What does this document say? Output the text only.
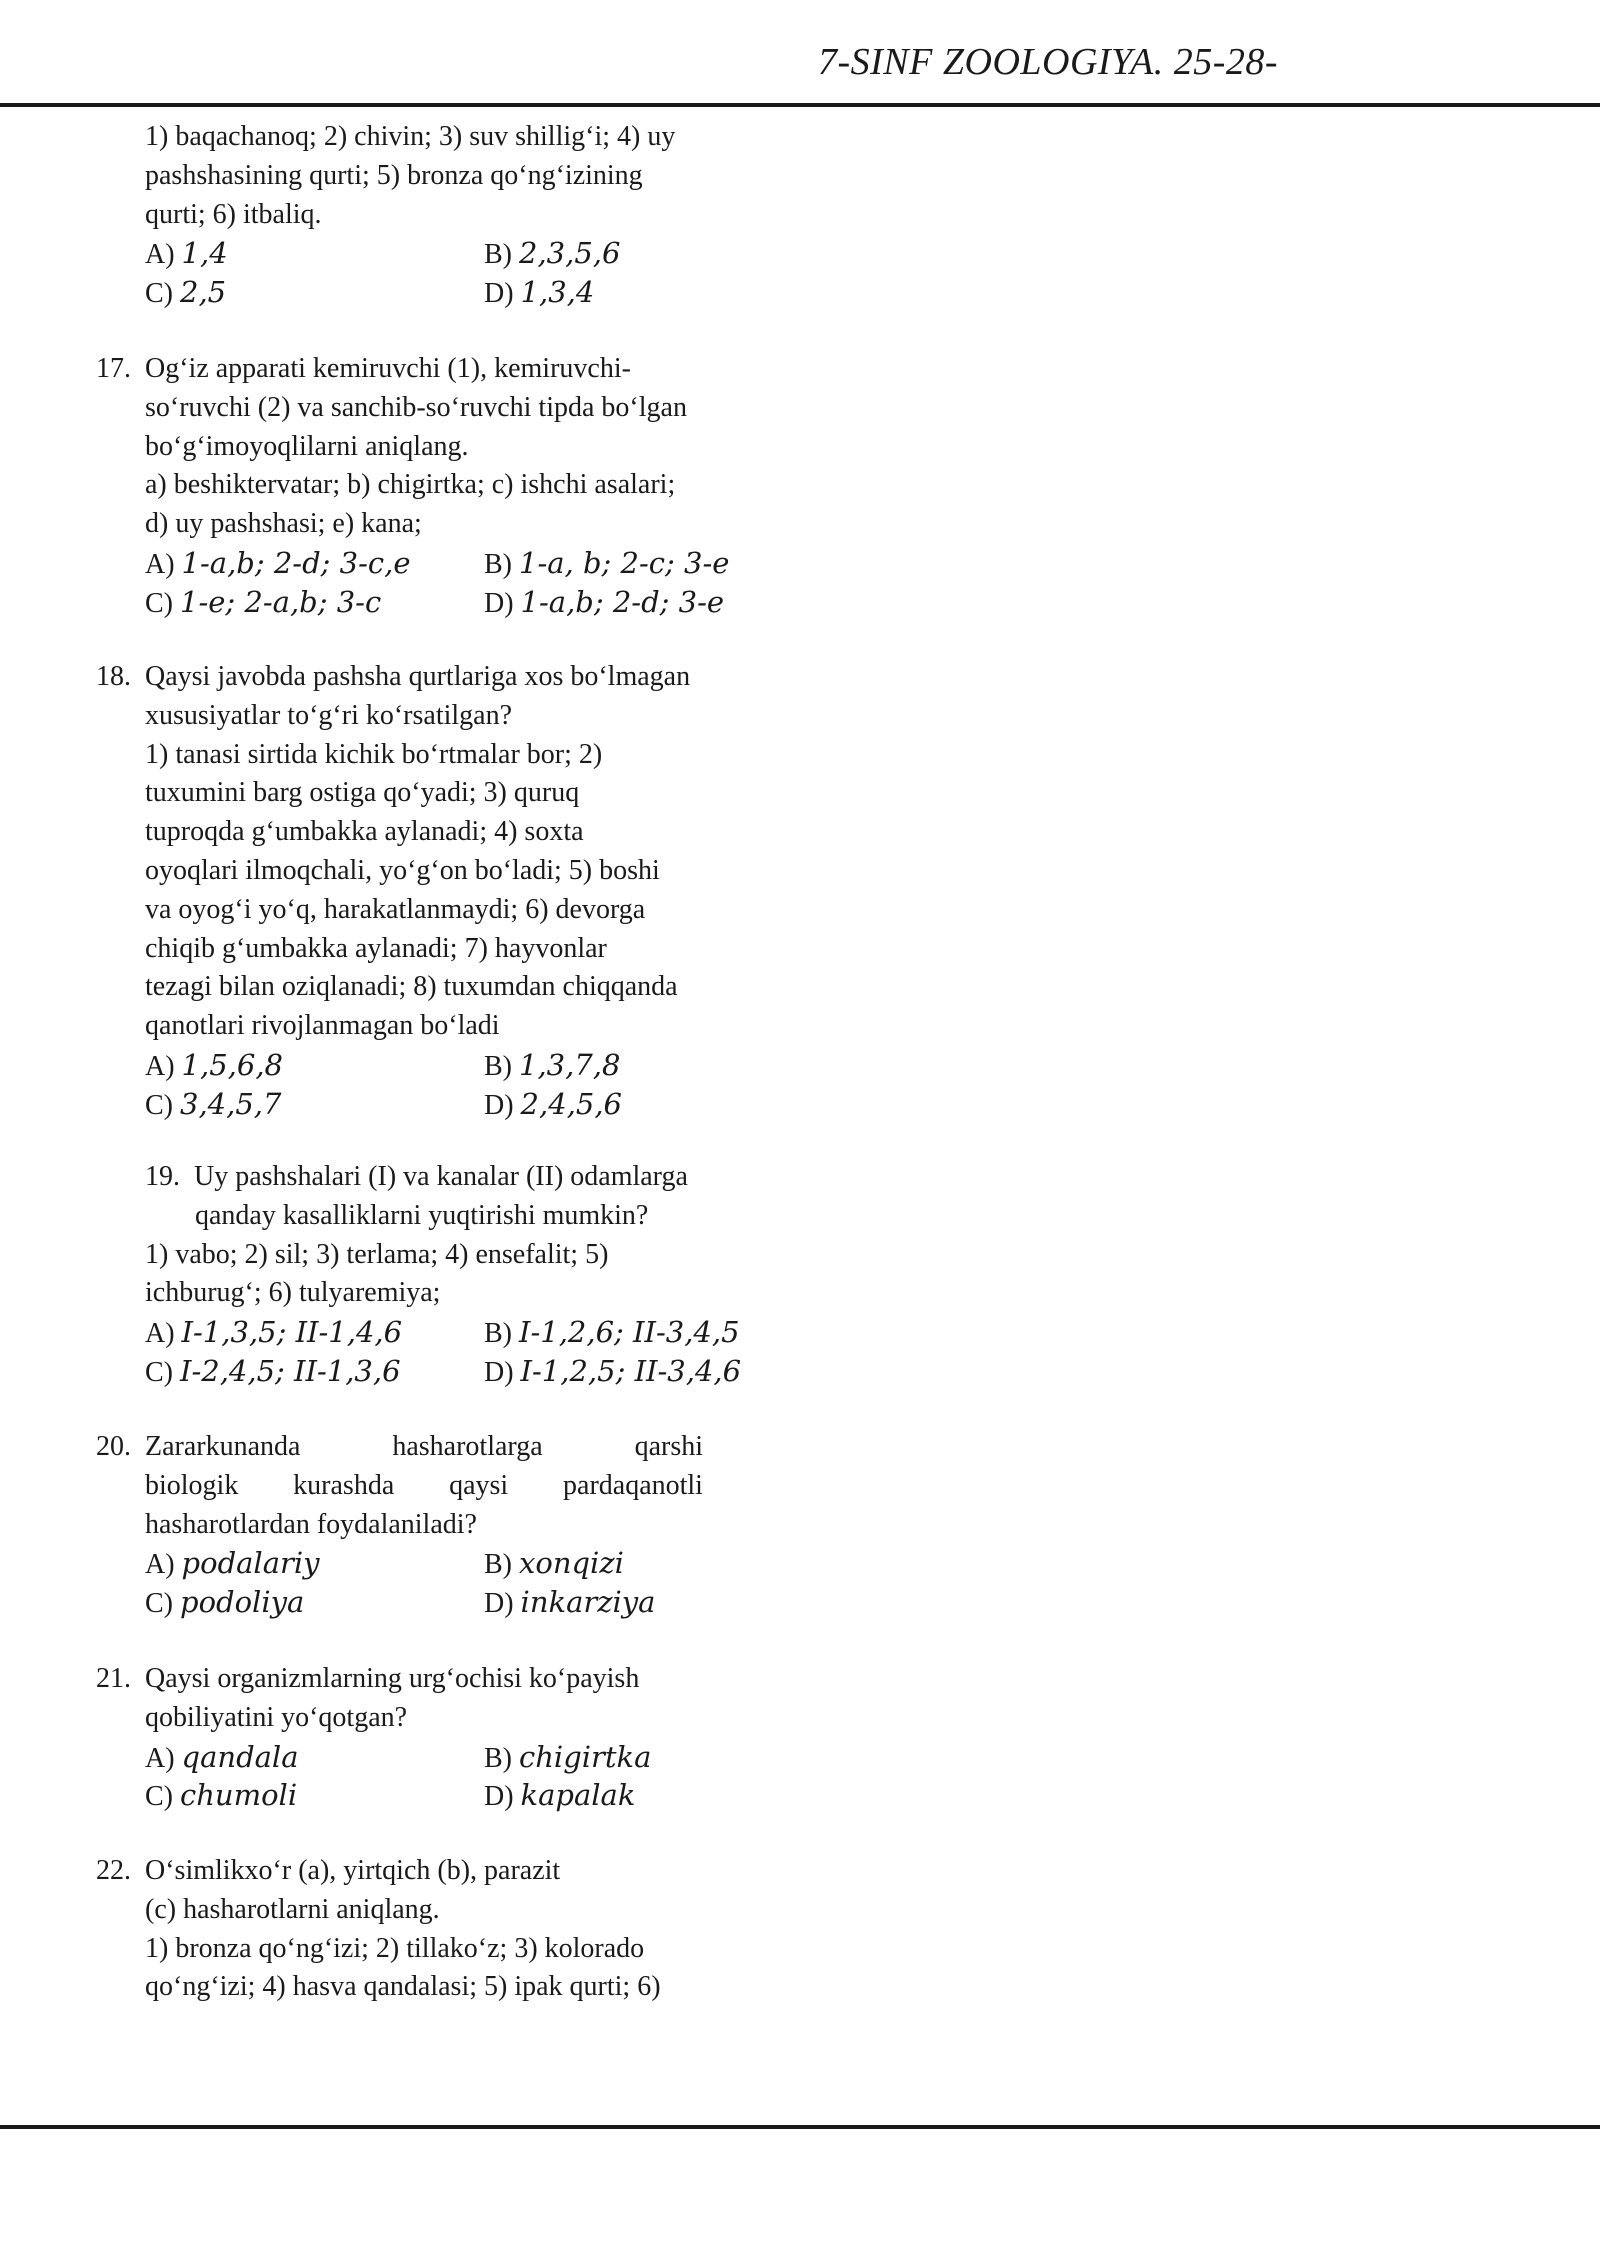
7-SINF ZOOLOGIYA. 25-28-
1) baqachanoq; 2) chivin; 3) suv shillig‘i; 4) uy
pashshasining qurti; 5) bronza qo‘ng‘izining
qurti; 6) itbaliq.
A) 1,4	B) 2,3,5,6
C) 2,5	D) 1,3,4
17. Og‘iz apparati kemiruvchi (1), kemiruvchi-
so‘ruvchi (2) va sanchib-so‘ruvchi tipda bo‘lgan
bo‘g‘imoyoqlilarni aniqlang.
a) beshiktervatar; b) chigirtka; c) ishchi asalari;
d) uy pashshasi; e) kana;
A) 1-a,b; 2-d; 3-c,e	B) 1-a, b; 2-c; 3-e
C) 1-e; 2-a,b; 3-c	D) 1-a,b; 2-d; 3-e
18. Qaysi javobda pashsha qurtlariga xos bo‘lmagan
xususiyatlar to‘g‘ri ko‘rsatilgan?
1) tanasi sirtida kichik bo‘rtmalar bor; 2)
tuxumini barg ostiga qo‘yadi; 3) quruq
tuproqda g‘umbakka aylanadi; 4) soxta
oyoqlari ilmoqchali, yo‘g‘on bo‘ladi; 5) boshi
va oyog‘i yo‘q, harakatlanmaydi; 6) devorga
chiqib g‘umbakka aylanadi; 7) hayvonlar
tezagi bilan oziqlanadi; 8) tuxumdan chiqqanda
qanotlari rivojlanmagan bo‘ladi
A) 1,5,6,8	B) 1,3,7,8
C) 3,4,5,7	D) 2,4,5,6
19. Uy pashshalari (I) va kanalar (II) odamlarga
qanday kasalliklarni yuqtirishi mumkin?
1) vabo; 2) sil; 3) terlama; 4) ensefalit; 5)
ichburug‘; 6) tulyaremiya;
A) I-1,3,5; II-1,4,6	B) I-1,2,6; II-3,4,5
C) I-2,4,5; II-1,3,6	D) I-1,2,5; II-3,4,6
20. Zararkunanda	hasharotlarga	qarshi
biologik kurashda qaysi pardaqanotli
hasharotlardan foydalaniladi?
A) podalariy	B) xonqizi
C) podoliya	D) inkarziya
21. Qaysi organizmlarning urg‘ochisi ko‘payish
qobiliyatini yo‘qotgan?
A) qandala	B) chigirtka
C) chumoli	D) kapalak
22. O‘simlikxo‘r (a), yirtqich (b), parazit
(c) hasharotlarni aniqlang.
1) bronza qo‘ng‘izi; 2) tillako‘z; 3) kolorado
qo‘ng‘izi; 4) hasva qandalasi; 5) ipak qurti; 6)
